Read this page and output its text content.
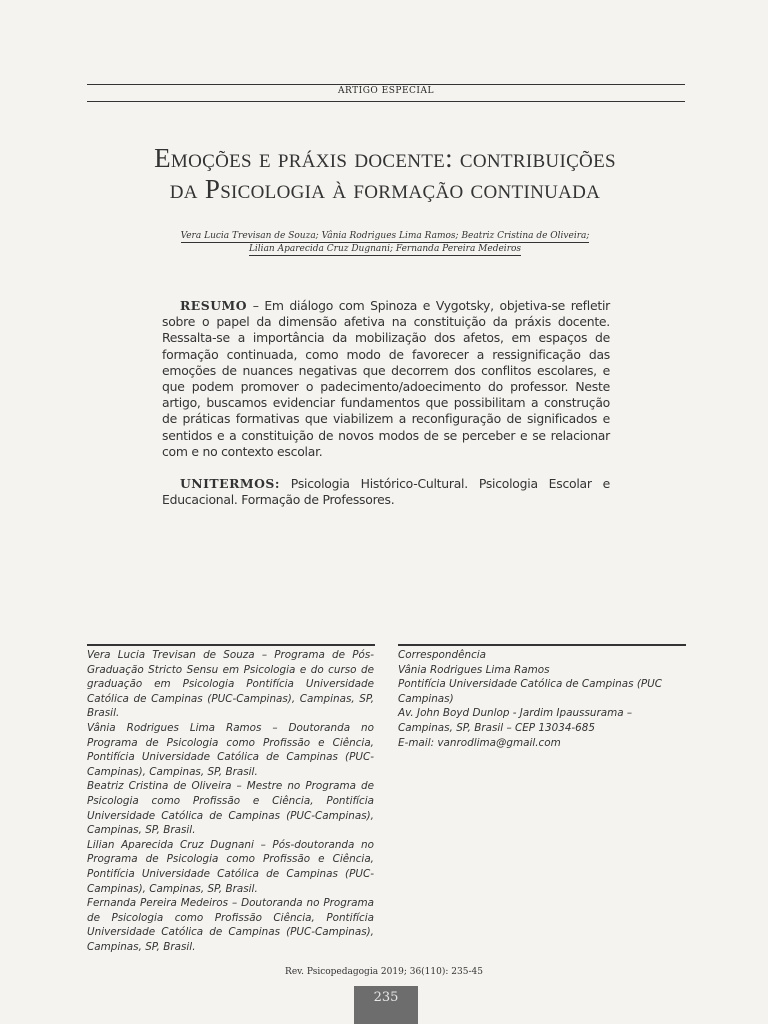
ARTIGO ESPECIAL
Emoções e práxis docente: contribuições
da Psicologia à formação continuada
Vera Lucia Trevisan de Souza; Vânia Rodrigues Lima Ramos; Beatriz Cristina de Oliveira;
Lilian Aparecida Cruz Dugnani; Fernanda Pereira Medeiros

RESUMO – Em diálogo com Spinoza e Vygotsky, objetiva-se refletir sobre o papel da dimensão afetiva na constituição da práxis docente. Ressalta-se a importância da mobilização dos afetos, em espaços de formação continuada, como modo de favorecer a ressignificação das emoções de nuances negativas que decorrem dos conflitos escolares, e que podem promover o padecimento/adoecimento do professor. Neste artigo, buscamos evidenciar fundamentos que possibilitam a construção de práticas formativas que viabilizem a reconfiguração de significados e sentidos e a constituição de novos modos de se perceber e se relacionar com e no contexto escolar.

UNITERMOS: Psicologia Histórico-Cultural. Psicologia Escolar e Educacional. Formação de Professores.

Vera Lucia Trevisan de Souza – Programa de Pós-Graduação Stricto Sensu em Psicologia e do curso de graduação em Psicologia Pontifícia Universidade Católica de Campinas (PUC-Campinas), Campinas, SP, Brasil.

Vânia Rodrigues Lima Ramos – Doutoranda no Programa de Psicologia como Profissão e Ciência, Pontifícia Universidade Católica de Campinas (PUC-Campinas), Campinas, SP, Brasil.

Beatriz Cristina de Oliveira – Mestre no Programa de Psicologia como Profissão e Ciência, Pontifícia Universidade Católica de Campinas (PUC-Campinas), Campinas, SP, Brasil.

Lilian Aparecida Cruz Dugnani – Pós-doutoranda no Programa de Psicologia como Profissão e Ciência, Pontifícia Universidade Católica de Campinas (PUC-Campinas), Campinas, SP, Brasil.

Fernanda Pereira Medeiros – Doutoranda no Programa de Psicologia como Profissão Ciência, Pontifícia Universidade Católica de Campinas (PUC-Campinas), Campinas, SP, Brasil.

Correspondência

Vânia Rodrigues Lima Ramos

Pontifícia Universidade Católica de Campinas (PUC Campinas)

Av. John Boyd Dunlop - Jardim Ipaussurama – Campinas, SP, Brasil – CEP 13034-685

E-mail: vanrodlima@gmail.com

Rev. Psicopedagogia 2019; 36(110): 235-45
235
